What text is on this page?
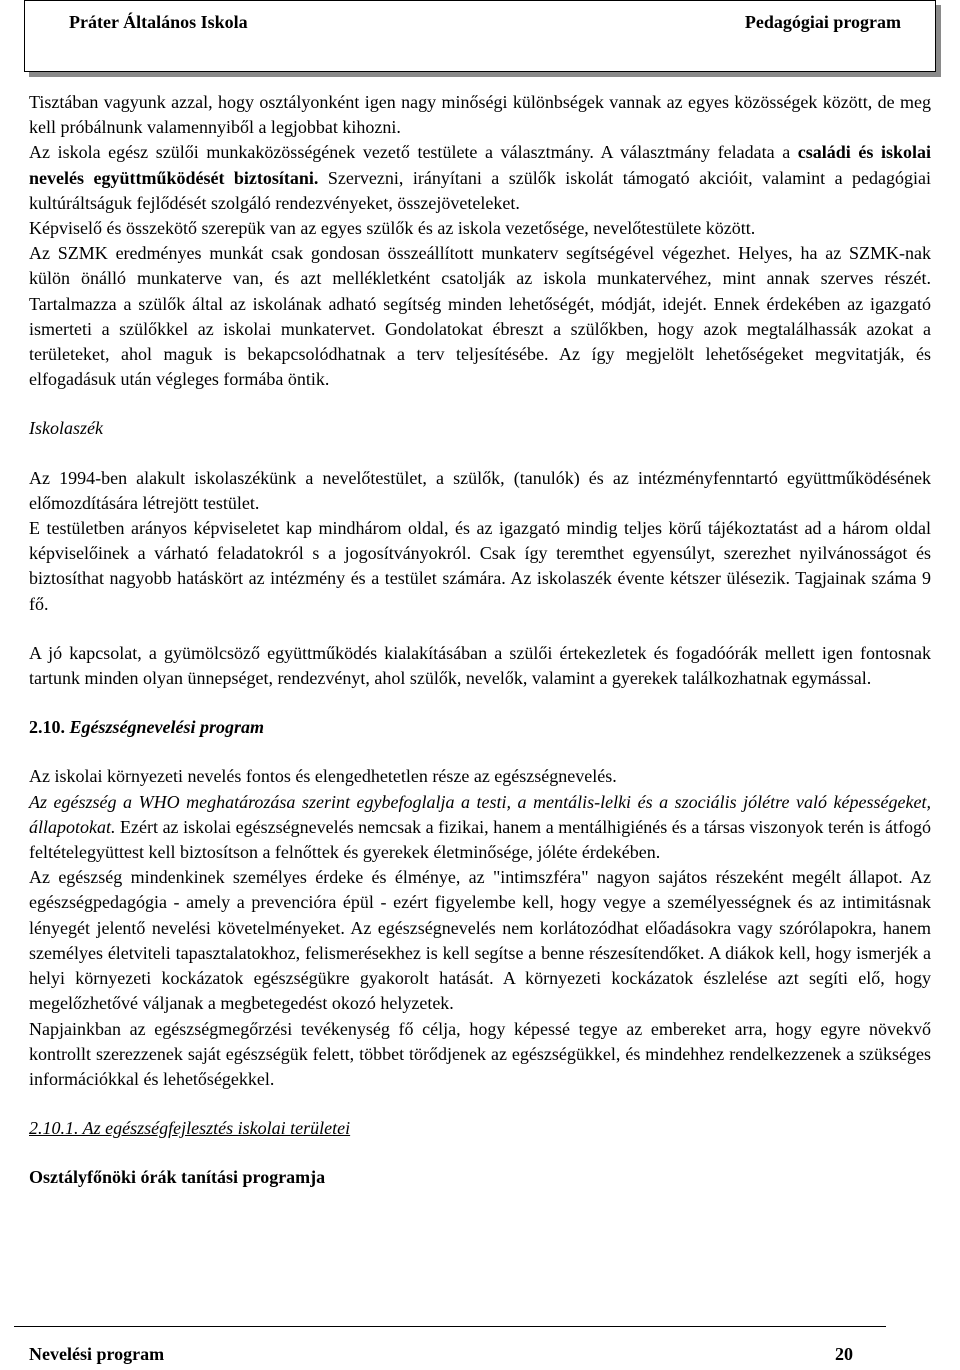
Práter Általános Iskola	Pedagógiai program

Tisztában vagyunk azzal, hogy osztályonként igen nagy minőségi különbségek vannak az egyes közösségek között, de meg kell próbálnunk valamennyiből a legjobbat kihozni.

Az iskola egész szülői munkaközösségének vezető testülete a választmány. A választmány feladata a családi és iskolai nevelés együttműködését biztosítani. Szervezni, irányítani a szülők iskolát támogató akcióit, valamint a pedagógiai kultúráltságuk fejlődését szolgáló rendezvényeket, összejöveteleket.

Képviselő és összekötő szerepük van az egyes szülők és az iskola vezetősége, nevelőtestülete között.

Az SZMK eredményes munkát csak gondosan összeállított munkaterv segítségével végezhet. Helyes, ha az SZMK-nak külön önálló munkaterve van, és azt mellékletként csatolják az iskola munkatervéhez, mint annak szerves részét. Tartalmazza a szülők által az iskolának adható segítség minden lehetőségét, módját, idejét. Ennek érdekében az igazgató ismerteti a szülőkkel az iskolai munkatervet. Gondolatokat ébreszt a szülőkben, hogy azok megtalálhassák azokat a területeket, ahol maguk is bekapcsolódhatnak a terv teljesítésébe. Az így megjelölt lehetőségeket megvitatják, és elfogadásuk után végleges formába öntik.

Iskolaszék

Az 1994-ben alakult iskolaszékünk a nevelőtestület, a szülők, (tanulók) és az intézményfenntartó együttműködésének előmozdítására létrejött testület.

E testületben arányos képviseletet kap mindhárom oldal, és az igazgató mindig teljes körű tájékoztatást ad a három oldal képviselőinek a várható feladatokról s a jogosítványokról. Csak így teremthet egyensúlyt, szerezhet nyilvánosságot és biztosíthat nagyobb hatáskört az intézmény és a testület számára. Az iskolaszék évente kétszer ülésezik. Tagjainak száma 9 fő.

A jó kapcsolat, a gyümölcsöző együttműködés kialakításában a szülői értekezletek és fogadóórák mellett igen fontosnak tartunk minden olyan ünnepséget, rendezvényt, ahol szülők, nevelők, valamint a gyerekek találkozhatnak egymással.

2.10. Egészségnevelési program

Az iskolai környezeti nevelés fontos és elengedhetetlen része az egészségnevelés.

Az egészség a WHO meghatározása szerint egybefoglalja a testi, a mentális-lelki és a szociális jólétre való képességeket, állapotokat. Ezért az iskolai egészségnevelés nemcsak a fizikai, hanem a mentálhigiénés és a társas viszonyok terén is átfogó feltételegyüttest kell biztosítson a felnőttek és gyerekek életminősége, jóléte érdekében.

Az egészség mindenkinek személyes érdeke és élménye, az "intimszféra" nagyon sajátos részeként megélt állapot. Az egészségpedagógia - amely a prevencióra épül - ezért figyelembe kell, hogy vegye a személyességnek és az intimitásnak lényegét jelentő nevelési követelményeket. Az egészségnevelés nem korlátozódhat előadásokra vagy szórólapokra, hanem személyes életviteli tapasztalatokhoz, felismerésekhez is kell segítse a benne részesítendőket. A diákok kell, hogy ismerjék a helyi környezeti kockázatok egészségükre gyakorolt hatását. A környezeti kockázatok észlelése azt segíti elő, hogy megelőzhetővé váljanak a megbetegedést okozó helyzetek.

Napjainkban az egészségmegőrzési tevékenység fő célja, hogy képessé tegye az embereket arra, hogy egyre növekvő kontrollt szerezzenek saját egészségük felett, többet törődjenek az egészségükkel, és mindehhez rendelkezzenek a szükséges információkkal és lehetőségekkel.

2.10.1. Az egészségfejlesztés iskolai területei

Osztályfőnöki órák tanítási programja

Nevelési program	20
